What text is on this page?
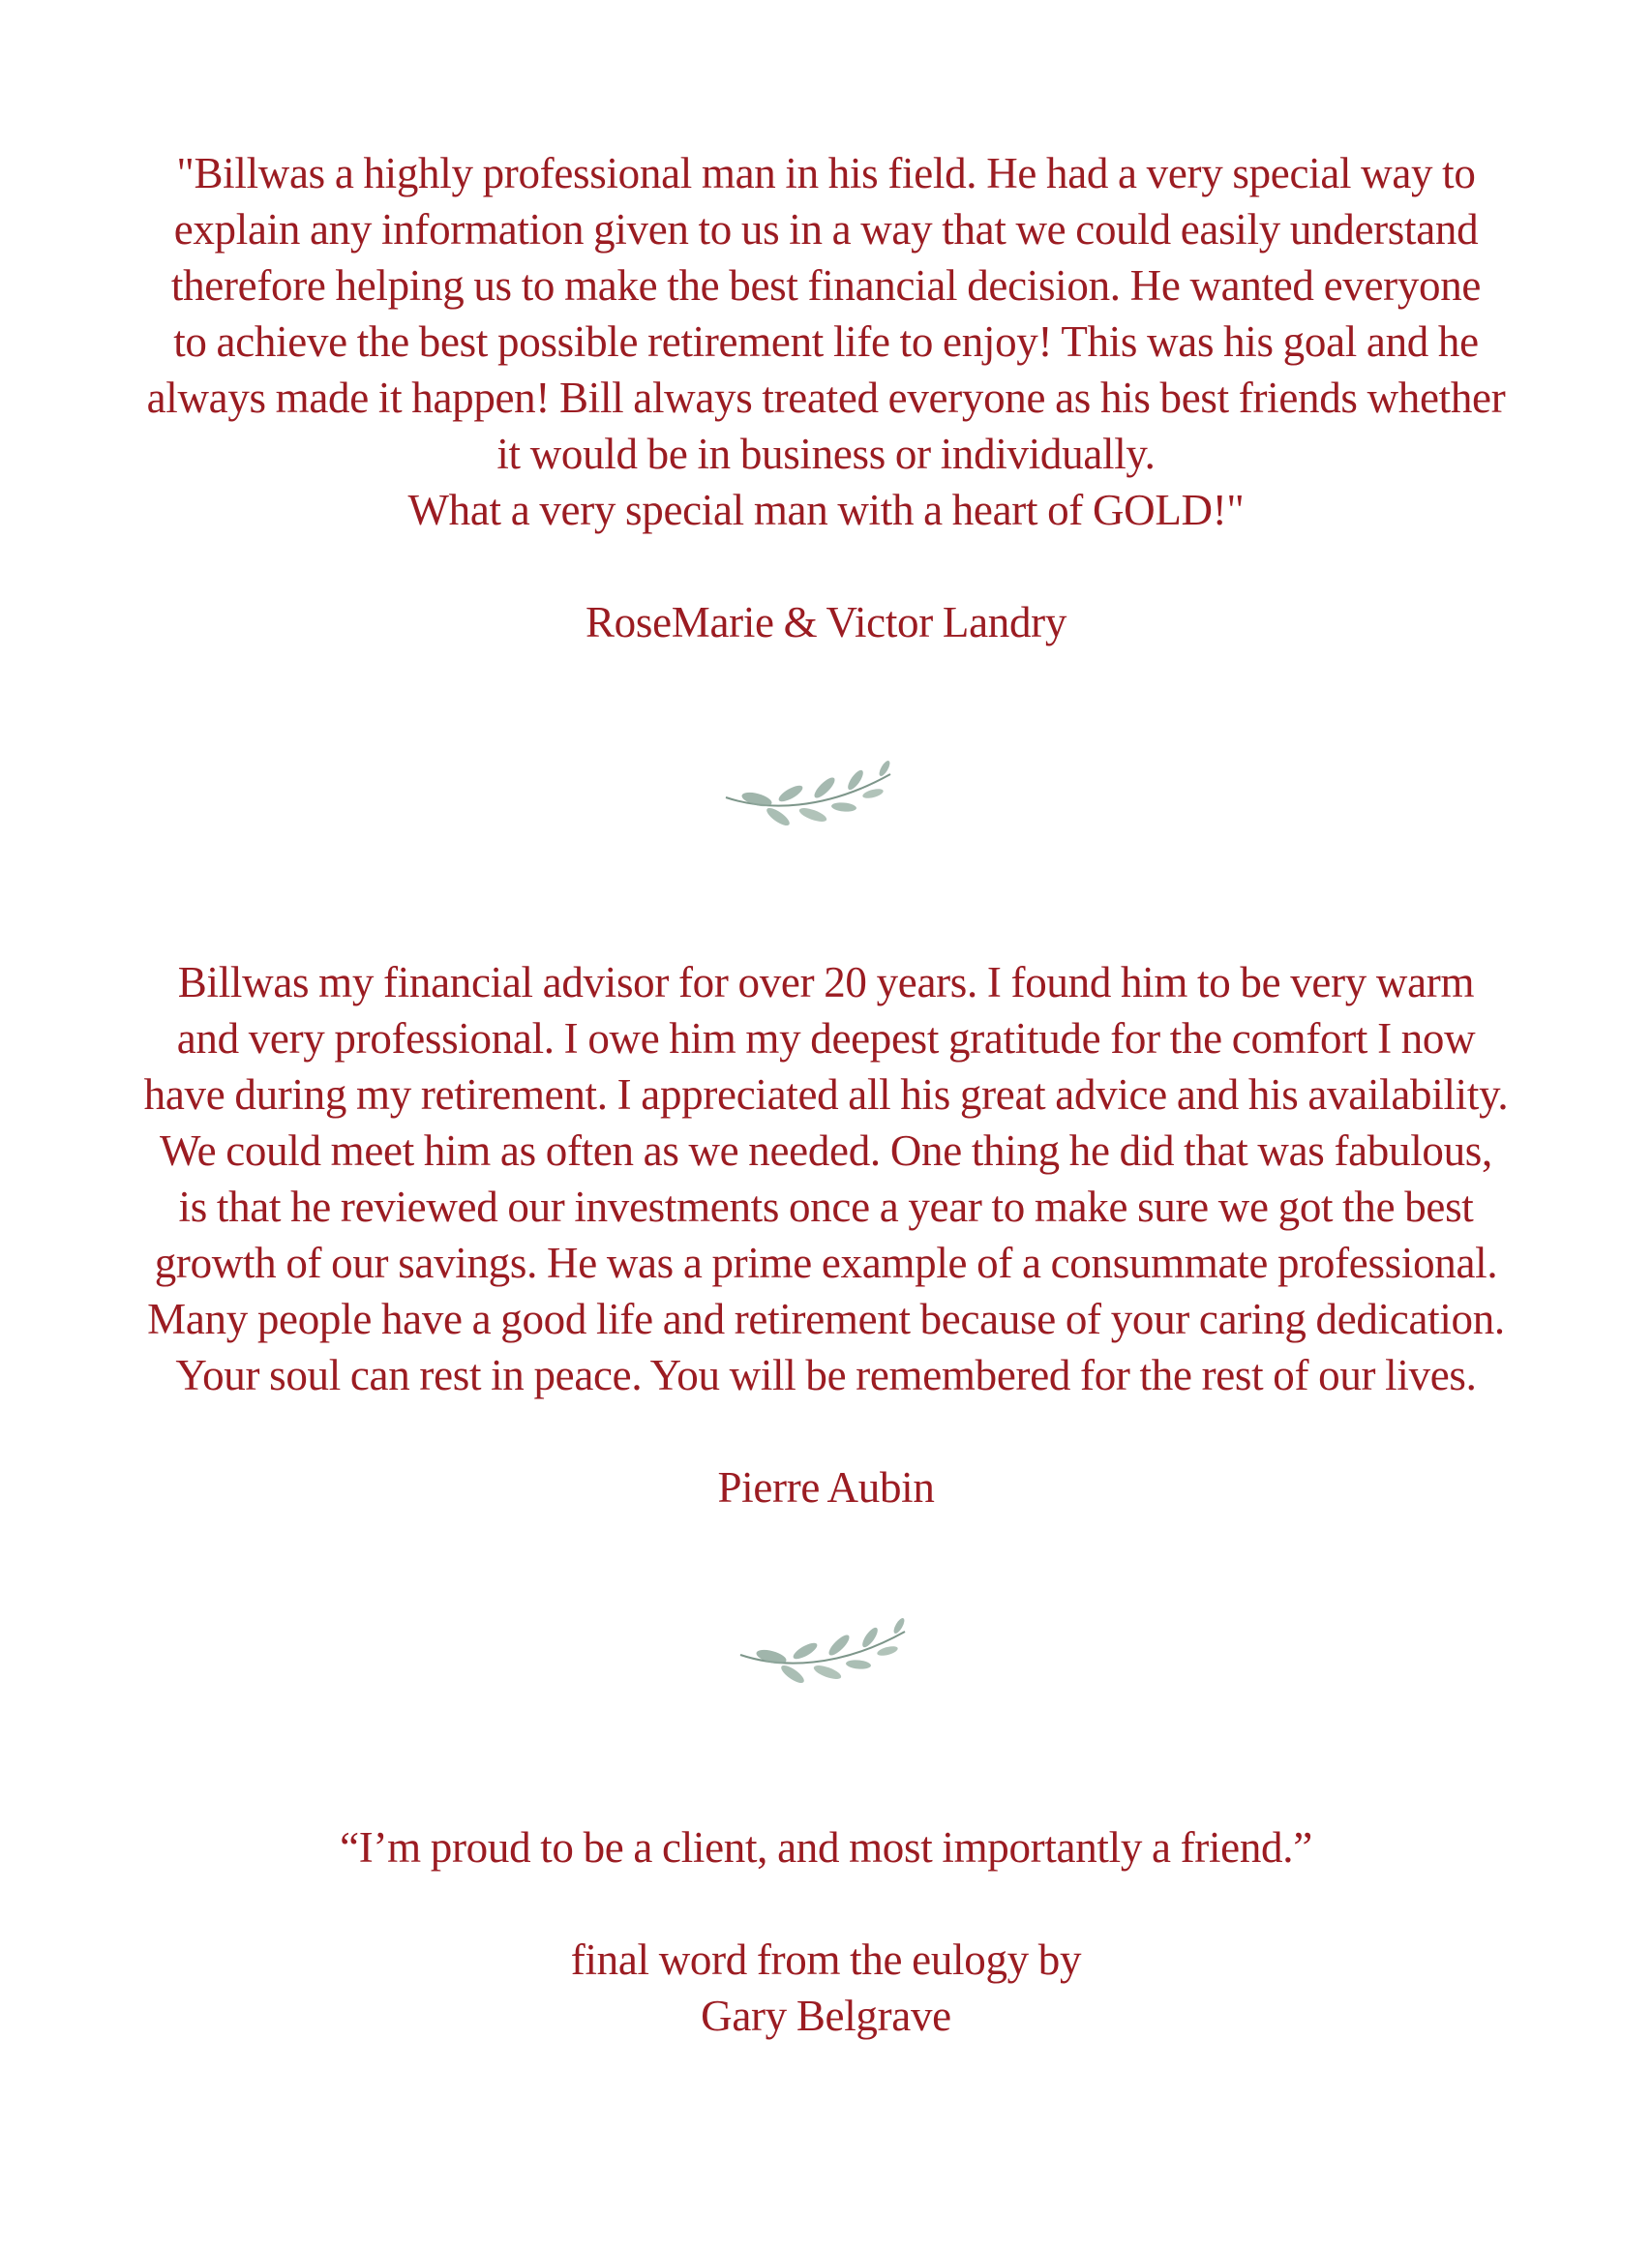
"Billwas a highly professional man in his field. He had a very special way to
explain any information given to us in a way that we could easily understand
therefore helping us to make the best financial decision. He wanted everyone
to achieve the best possible retirement life to enjoy! This was his goal and he
always made it happen! Bill always treated everyone as his best friends whether
it would be in business or individually.
What a very special man with a heart of GOLD!"
RoseMarie & Victor Landry
Billwas my financial advisor for over 20 years. I found him to be very warm
and very professional. I owe him my deepest gratitude for the comfort I now
have during my retirement. I appreciated all his great advice and his availability.
We could meet him as often as we needed. One thing he did that was fabulous,
is that he reviewed our investments once a year to make sure we got the best
growth of our savings. He was a prime example of a consummate professional.
Many people have a good life and retirement because of your caring dedication.
Your soul can rest in peace. You will be remembered for the rest of our lives.
Pierre Aubin
“I’m proud to be a client, and most importantly a friend.”
final word from the eulogy by
Gary Belgrave
